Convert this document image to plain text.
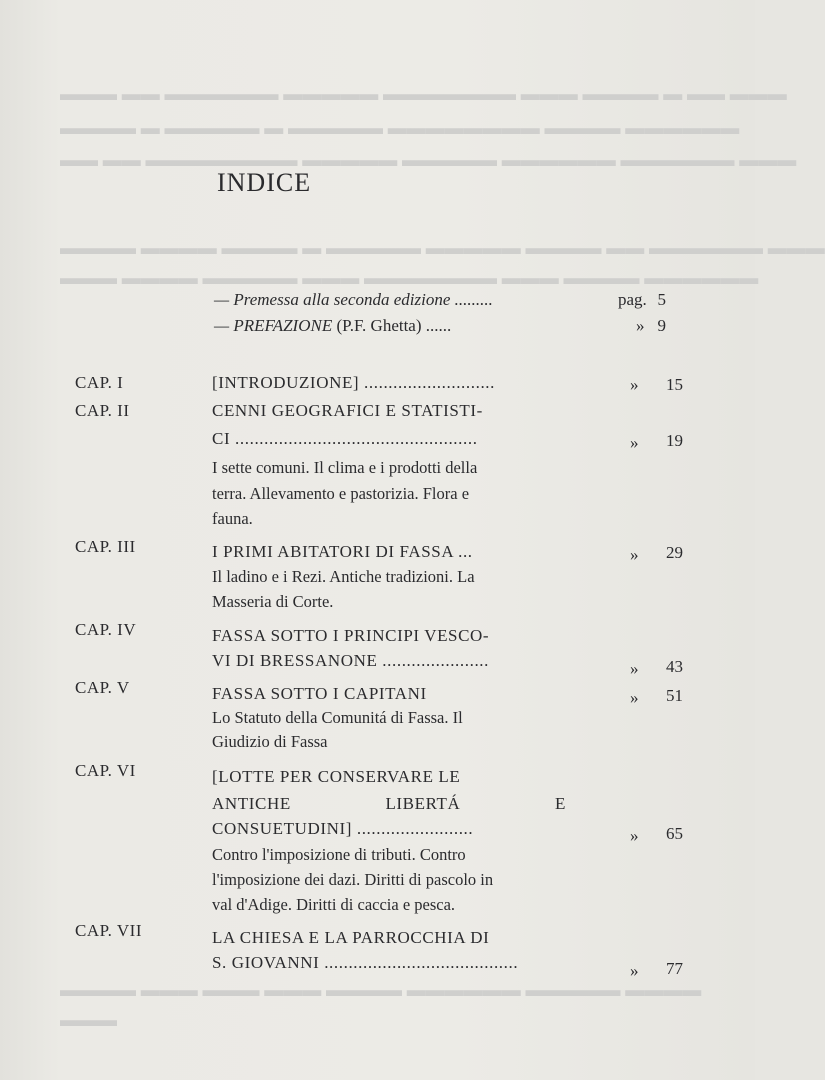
▬▬▬ ▬▬ ▬▬▬▬▬▬ ▬▬▬▬▬ ▬▬▬▬▬▬▬ ▬▬▬ ▬▬▬▬ ▬ ▬▬ ▬▬▬
▬▬▬▬ ▬ ▬▬▬▬▬ ▬ ▬▬▬▬▬ ▬▬▬▬▬▬▬▬ ▬▬▬▬ ▬▬▬▬▬▬
▬▬ ▬▬ ▬▬▬▬▬▬▬▬ ▬▬▬▬▬ ▬▬▬▬▬ ▬▬▬▬▬▬ ▬▬▬▬▬▬ ▬▬▬
▬▬▬▬ ▬▬▬▬ ▬▬▬▬ ▬ ▬▬▬▬▬ ▬▬▬▬▬ ▬▬▬▬ ▬▬ ▬▬▬▬▬▬ ▬▬▬
▬▬▬ ▬▬▬▬ ▬▬▬▬▬ ▬▬▬ ▬▬▬▬▬▬▬ ▬▬▬ ▬▬▬▬ ▬▬▬▬▬▬
▬▬▬▬ ▬▬▬ ▬▬▬ ▬▬▬ ▬▬▬▬ ▬▬▬▬▬▬ ▬▬▬▬▬ ▬▬▬▬
▬▬▬
INDICE
— Premessa alla seconda edizione .........	pag. 5
— PREFAZIONE (P.F. Ghetta) ......	» 9
CAP. I	[INTRODUZIONE] ...........................	» 15
CAP. II	CENNI GEOGRAFICI E STATISTI-
CI ..................................................	» 19
I sette comuni. Il clima e i prodotti della
terra. Allevamento e pastorizia. Flora e
fauna.
CAP. III	I PRIMI ABITATORI DI FASSA ...	» 29
Il ladino e i Rezi. Antiche tradizioni. La
Masseria di Corte.
CAP. IV	FASSA SOTTO I PRINCIPI VESCO-
VI DI BRESSANONE ......................	» 43
CAP. V	FASSA SOTTO I CAPITANI	» 51
Lo Statuto della Comunitá di Fassa. Il
Giudizio di Fassa
CAP. VI	[LOTTE PER CONSERVARE LE
ANTICHE	LIBERTÁ	E
CONSUETUDINI] ........................	» 65
Contro l'imposizione di tributi. Contro
l'imposizione dei dazi. Diritti di pascolo in
val d'Adige. Diritti di caccia e pesca.
CAP. VII	LA CHIESA E LA PARROCCHIA DI
S. GIOVANNI ........................................	» 77
